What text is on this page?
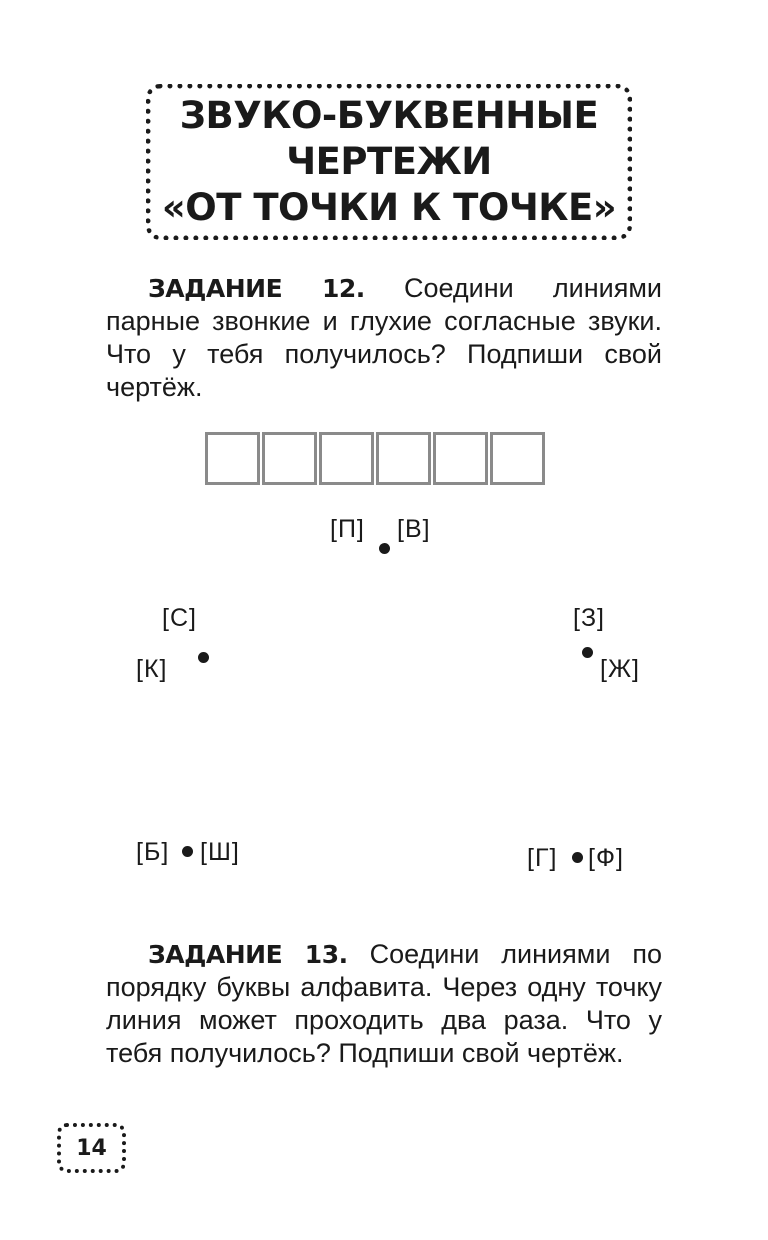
ЗВУКО-БУКВЕННЫЕ
ЧЕРТЕЖИ
«ОТ ТОЧКИ К ТОЧКЕ»
ЗАДАНИЕ 12. Соедини линиями парные звонкие и глухие согласные звуки. Что у тебя получилось? Подпиши свой чертёж.
[П] [В]
[С]
[К]
[З]
[Ж]
[Б] [Ш]	[Г] [Ф]
ЗАДАНИЕ 13. Соедини линиями по порядку буквы алфавита. Через одну точку линия может проходить два раза. Что у тебя получилось? Подпиши свой чертёж.
14
